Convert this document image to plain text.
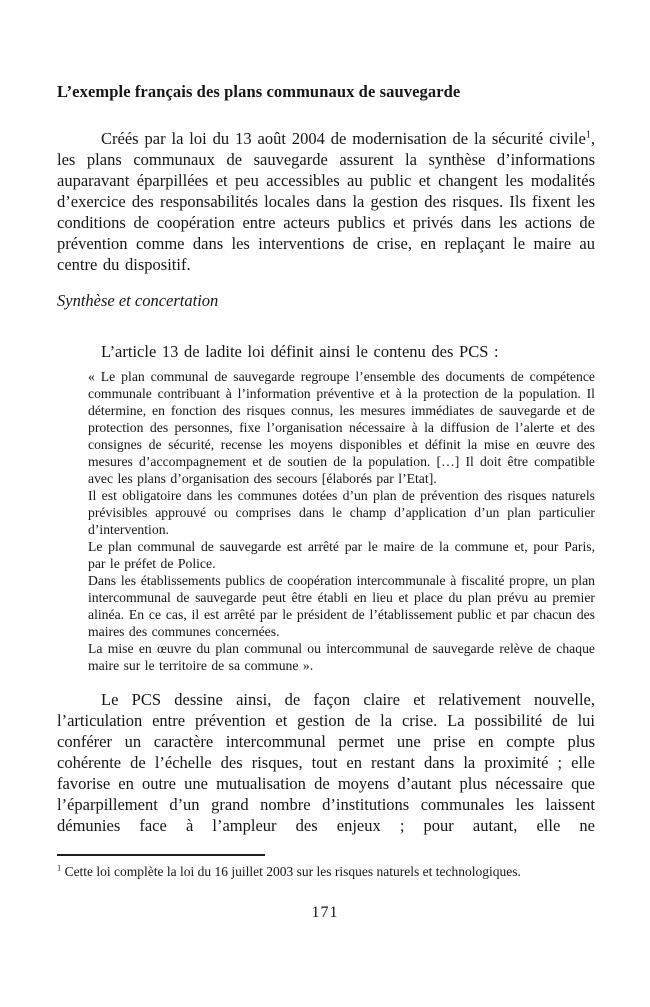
L’exemple français des plans communaux de sauvegarde

Créés par la loi du 13 août 2004 de modernisation de la sécurité civile$^1$, les plans communaux de sauvegarde assurent la synthèse d’informations auparavant éparpillées et peu accessibles au public et changent les modalités d’exercice des responsabilités locales dans la gestion des risques. Ils fixent les conditions de coopération entre acteurs publics et privés dans les actions de prévention comme dans les interventions de crise, en replaçant le maire au centre du dispositif.

Synthèse et concertation

L’article 13 de ladite loi définit ainsi le contenu des PCS :

« Le plan communal de sauvegarde regroupe l’ensemble des documents de compétence communale contribuant à l’information préventive et à la protection de la population. Il détermine, en fonction des risques connus, les mesures immédiates de sauvegarde et de protection des personnes, fixe l’organisation nécessaire à la diffusion de l’alerte et des consignes de sécurité, recense les moyens disponibles et définit la mise en œuvre des mesures d’accompagnement et de soutien de la population. […] Il doit être compatible avec les plans d’organisation des secours [élaborés par l’Etat].

Il est obligatoire dans les communes dotées d’un plan de prévention des risques naturels prévisibles approuvé ou comprises dans le champ d’application d’un plan particulier d’intervention.

Le plan communal de sauvegarde est arrêté par le maire de la commune et, pour Paris, par le préfet de Police.

Dans les établissements publics de coopération intercommunale à fiscalité propre, un plan intercommunal de sauvegarde peut être établi en lieu et place du plan prévu au premier alinéa. En ce cas, il est arrêté par le président de l’établissement public et par chacun des maires des communes concernées.

La mise en œuvre du plan communal ou intercommunal de sauvegarde relève de chaque maire sur le territoire de sa commune ».

Le PCS dessine ainsi, de façon claire et relativement nouvelle, l’articulation entre prévention et gestion de la crise. La possibilité de lui conférer un caractère intercommunal permet une prise en compte plus cohérente de l’échelle des risques, tout en restant dans la proximité ; elle favorise en outre une mutualisation de moyens d’autant plus nécessaire que l’éparpillement d’un grand nombre d’institutions communales les laissent démunies face à l’ampleur des enjeux ; pour autant, elle ne

$^1$ Cette loi complète la loi du 16 juillet 2003 sur les risques naturels et technologiques.

171
